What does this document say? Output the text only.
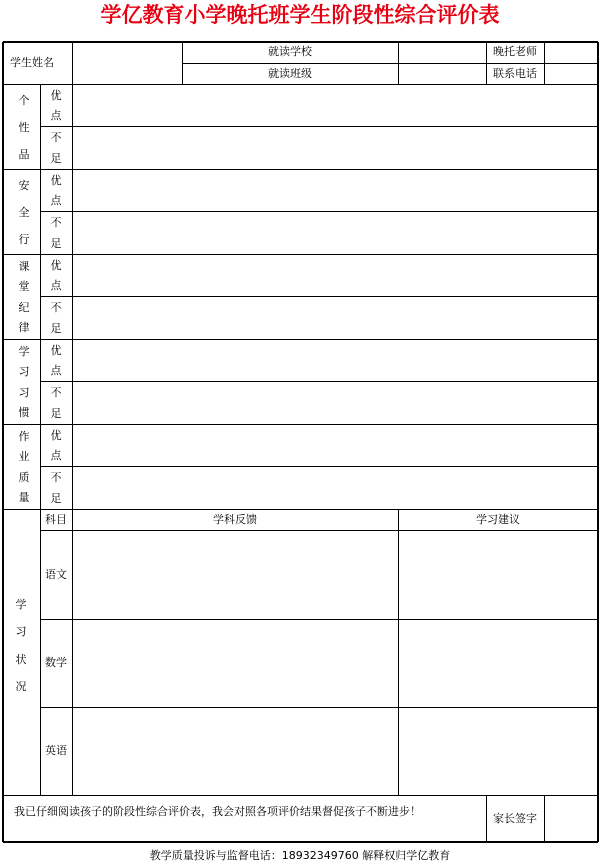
学亿教育小学晚托班学生阶段性综合评价表
学生姓名
就读学校
就读班级
晚托老师
联系电话
个
性
品
优
点
不
足
安
全
行
优
点
不
足
课
堂
纪
律
优
点
不
足
学
习
习
惯
优
点
不
足
作
业
质
量
优
点
不
足
科目	学科反馈	学习建议
学
习
状
况
语文
数学
英语
我已仔细阅读孩子的阶段性综合评价表，我会对照各项评价结果督促孩子不断进步！
家长签字
教学质量投诉与监督电话：18932349760 解释权归学亿教育
